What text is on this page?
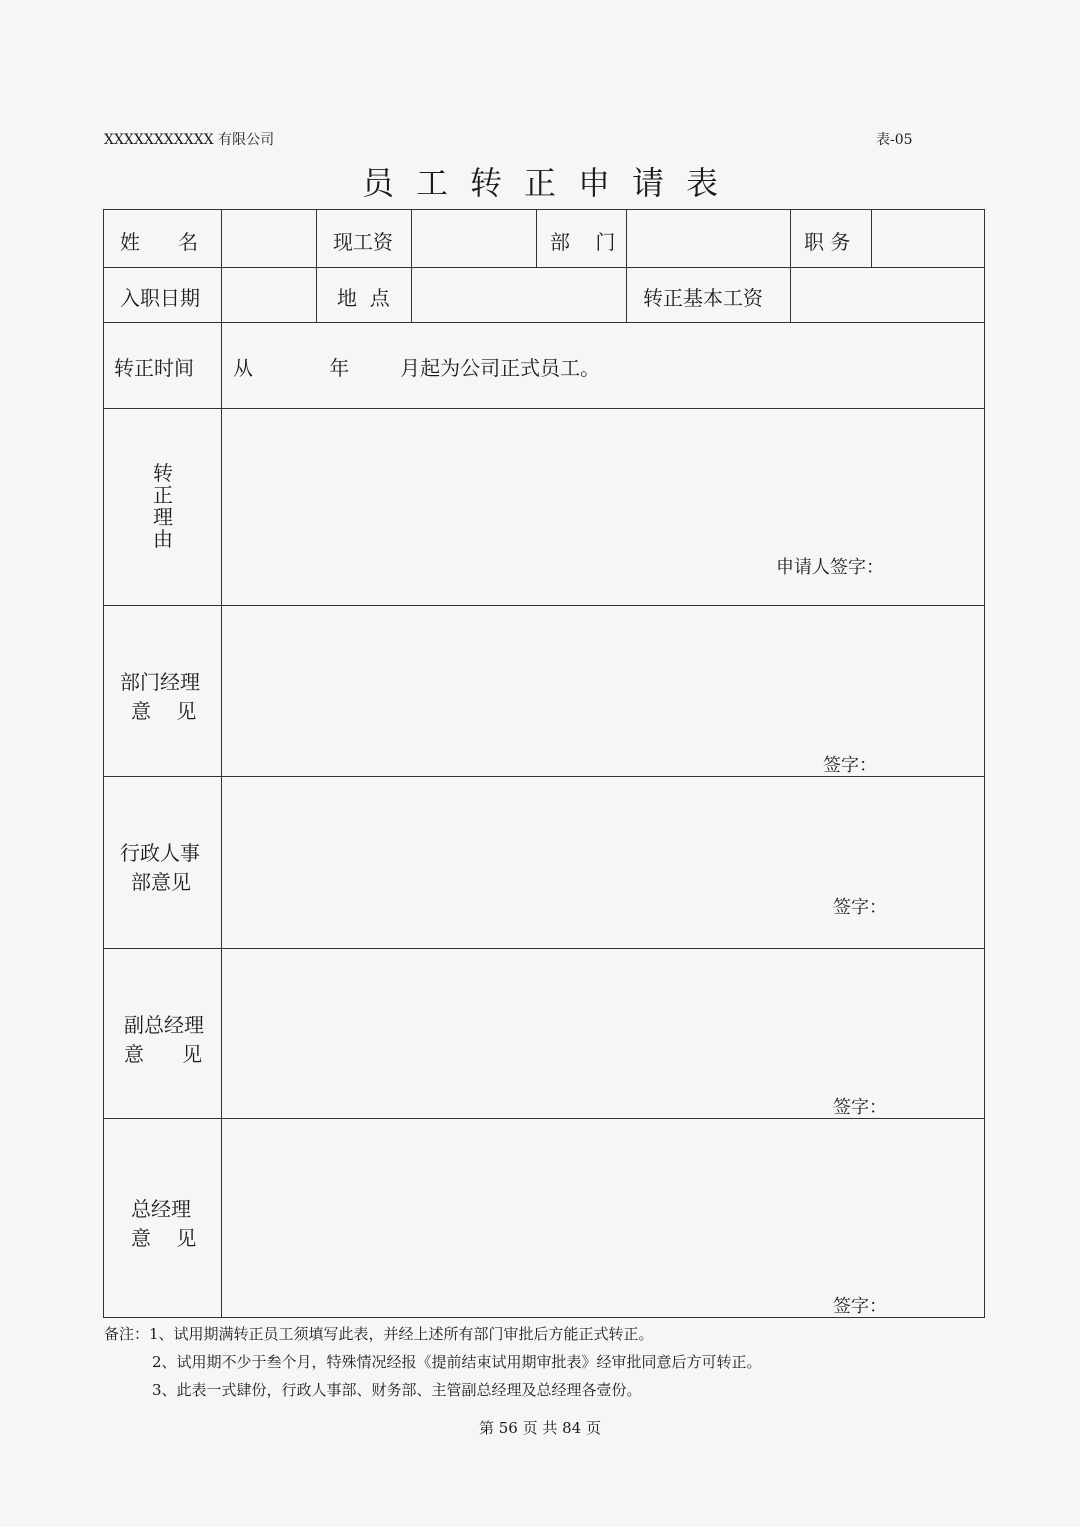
XXXXXXXXXXX 有限公司	表-05
员工转正申请表
姓      名	现工资	部    门	职 务
入职日期	地  点	转正基本工资
转正时间 从            年        月起为公司正式员工。
转
正
理
由
申请人签字：
部门经理
意    见
签字：
行政人事
部意见
签字：
副总经理
意      见
签字：
总经理
意    见
签字：
备注：1、试用期满转正员工须填写此表，并经上述所有部门审批后方能正式转正。
2、试用期不少于叁个月，特殊情况经报《提前结束试用期审批表》经审批同意后方可转正。
3、此表一式肆份，行政人事部、财务部、主管副总经理及总经理各壹份。
第 56 页 共 84 页
